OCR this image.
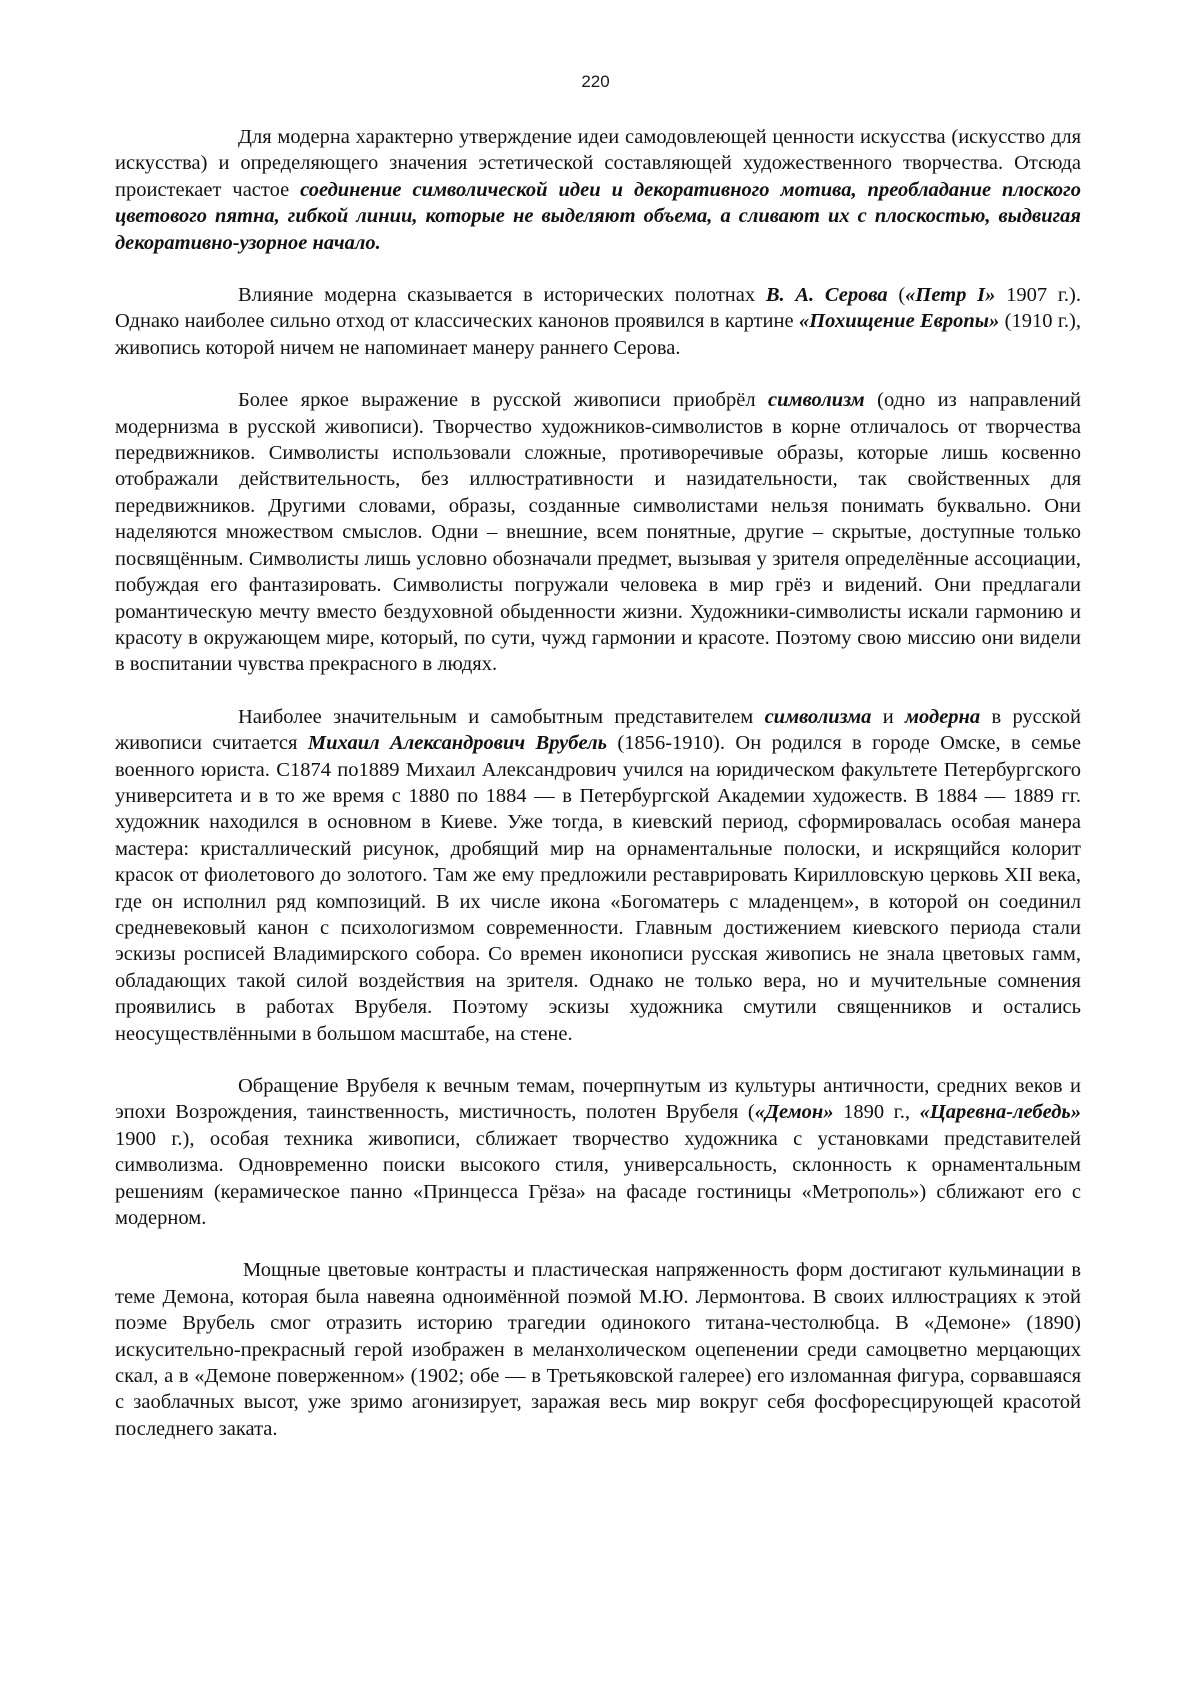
220

Для модерна характерно утверждение идеи самодовлеющей ценности искусства (искусство для искусства) и определяющего значения эстетической составляющей художественного творчества. Отсюда проистекает частое соединение символической идеи и декоративного мотива, преобладание плоского цветового пятна, гибкой линии, которые не выделяют объема, а сливают их с плоскостью, выдвигая декоративно-узорное начало.

Влияние модерна сказывается в исторических полотнах В. А. Серова («Петр I» 1907 г.). Однако наиболее сильно отход от классических канонов проявился в картине «Похищение Европы» (1910 г.), живопись которой ничем не напоминает манеру раннего Серова.

Более яркое выражение в русской живописи приобрёл символизм (одно из направлений модернизма в русской живописи). Творчество художников-символистов в корне отличалось от творчества передвижников. Символисты использовали сложные, противоречивые образы, которые лишь косвенно отображали действительность, без иллюстративности и назидательности, так свойственных для передвижников. Другими словами, образы, созданные символистами нельзя понимать буквально. Они наделяются множеством смыслов. Одни – внешние, всем понятные, другие – скрытые, доступные только посвящённым. Символисты лишь условно обозначали предмет, вызывая у зрителя определённые ассоциации, побуждая его фантазировать. Символисты погружали человека в мир грёз и видений. Они предлагали романтическую мечту вместо бездуховной обыденности жизни. Художники-символисты искали гармонию и красоту в окружающем мире, который, по сути, чужд гармонии и красоте. Поэтому свою миссию они видели в воспитании чувства прекрасного в людях.

Наиболее значительным и самобытным представителем символизма и модерна в русской живописи считается Михаил Александрович Врубель (1856-1910). Он родился в городе Омске, в семье военного юриста. С1874 по1889 Михаил Александрович учился на юридическом факультете Петербургского университета и в то же время с 1880 по 1884 — в Петербургской Академии художеств. В 1884 — 1889 гг. художник находился в основном в Киеве. Уже тогда, в киевский период, сформировалась особая манера мастера: кристаллический рисунок, дробящий мир на орнаментальные полоски, и искрящийся колорит красок от фиолетового до золотого. Там же ему предложили реставрировать Кирилловскую церковь XII века, где он исполнил ряд композиций. В их числе икона «Богоматерь с младенцем», в которой он соединил средневековый канон с психологизмом современности. Главным достижением киевского периода стали эскизы росписей Владимирского собора. Со времен иконописи русская живопись не знала цветовых гамм, обладающих такой силой воздействия на зрителя. Однако не только вера, но и мучительные сомнения проявились в работах Врубеля. Поэтому эскизы художника смутили священников и остались неосуществлёнными в большом масштабе, на стене.

Обращение Врубеля к вечным темам, почерпнутым из культуры античности, средних веков и эпохи Возрождения, таинственность, мистичность, полотен Врубеля («Демон» 1890 г., «Царевна-лебедь» 1900 г.), особая техника живописи, сближает творчество художника с установками представителей символизма. Одновременно поиски высокого стиля, универсальность, склонность к орнаментальным решениям (керамическое панно «Принцесса Грёза» на фасаде гостиницы «Метрополь») сближают его с модерном.

Мощные цветовые контрасты и пластическая напряженность форм достигают кульминации в теме Демона, которая была навеяна одноимённой поэмой М.Ю. Лермонтова. В своих иллюстрациях к этой поэме Врубель смог отразить историю трагедии одинокого титана-честолюбца. В «Демоне» (1890) искусительно-прекрасный герой изображен в меланхолическом оцепенении среди самоцветно мерцающих скал, а в «Демоне поверженном» (1902; обе — в Третьяковской галерее) его изломанная фигура, сорвавшаяся с заоблачных высот, уже зримо агонизирует, заражая весь мир вокруг себя фосфоресцирующей красотой последнего заката.
